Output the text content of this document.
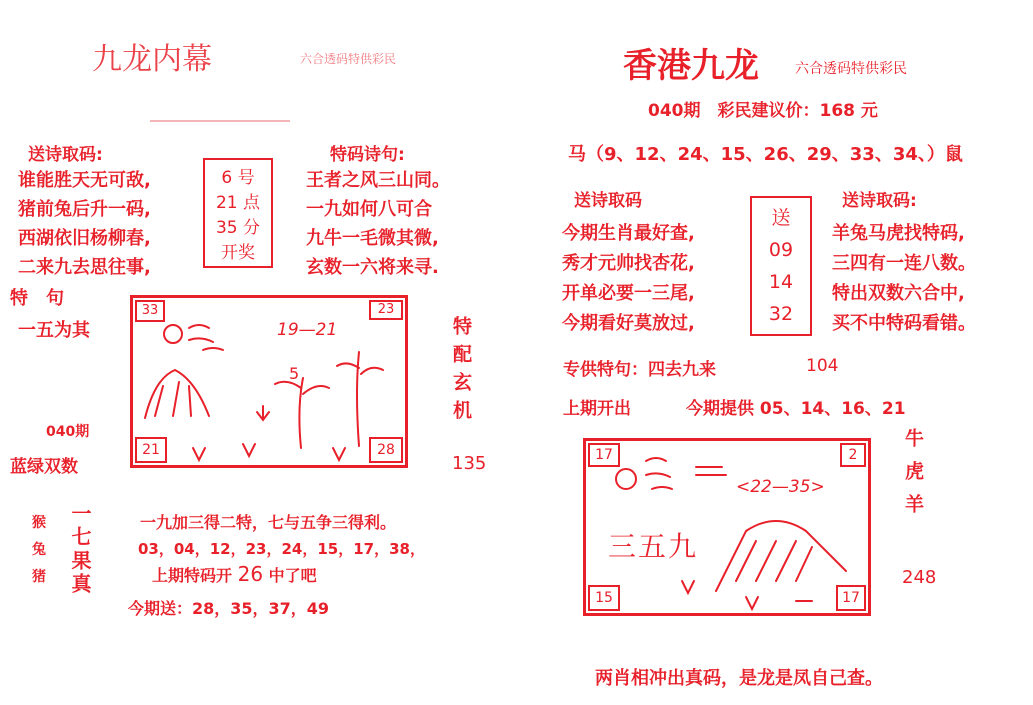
九龙内幕	六合透码特供彩民
送诗取码:	特码诗句:
谁能胜天无可敌,
猪前兔后升一码,
西湖依旧杨柳春,
二来九去思往事,
6 号
21 点
35 分
开奖
王者之风三山同。
一九如何八可合
九牛一毛微其微,
玄数一六将来寻.
特　句
一五为其
33	23
21	28
19—21
5	特配玄机
135
040期
蓝绿双数
猴
兔
猪
一七
果真
一九加三得二特，七与五争三得利。
03，04，12，23，24，15，17，38，
上期特码开 26 中了吧
今期送：28，35，37，49
香港九龙	六合透码特供彩民
040期　彩民建议价：168 元
马（9、12、24、15、26、29、33、34、）鼠
送诗取码	送诗取码:
今期生肖最好查,
秀才元帅找杏花,
开单必要一三尾,
今期看好莫放过,
送
09
14
32
羊兔马虎找特码,
三四有一连八数。
特出双数六合中,
买不中特码看错。
专供特句：四去九来	104
上期开出	今期提供 05、14、16、21
17	2
15	17
<22—35>
三五九
牛虎羊
248
两肖相冲出真码，是龙是凤自己查。
